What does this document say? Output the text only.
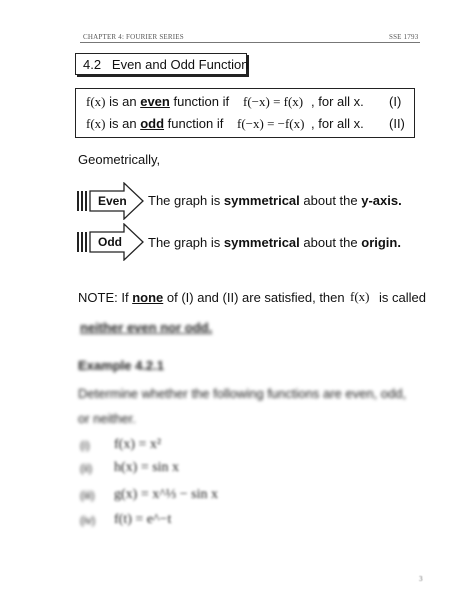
CHAPTER 4: FOURIER SERIES	SSE 1793
4.2   Even and Odd Function
f(x) is an even function if f(−x) = f(x) , for all x. (I)
f(x) is an odd function if f(−x) = −f(x) , for all x. (II)
Geometrically,
Even The graph is symmetrical about the y-axis.
Odd The graph is symmetrical about the origin.
NOTE: If none of (I) and (II) are satisfied, then f(x) is called
neither even nor odd.
Example 4.2.1
Determine whether the following functions are even, odd,
or neither.
(i) f(x) = x²
(ii) h(x) = sin x
(iii) g(x) = x^⅓ − sin x
(iv) f(t) = e^−t
3
